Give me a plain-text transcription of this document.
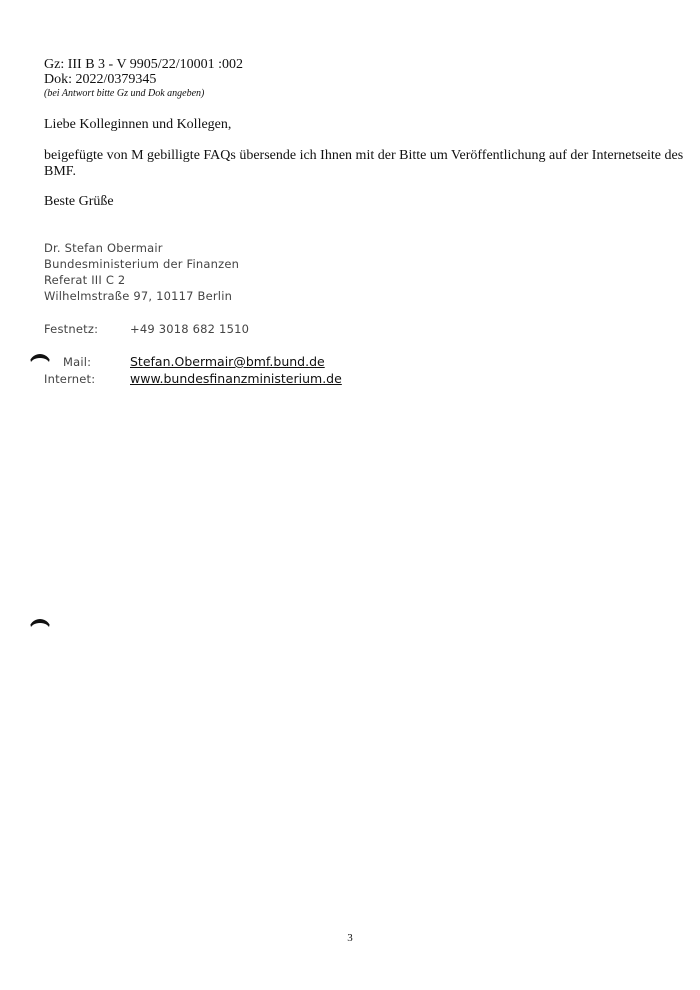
Gz: III B 3 - V 9905/22/10001 :002
Dok: 2022/0379345
(bei Antwort bitte Gz und Dok angeben)
Liebe Kolleginnen und Kollegen,
beigefügte von M gebilligte FAQs übersende ich Ihnen mit der Bitte um Veröffentlichung auf der Internetseite des BMF.
Beste Grüße
Dr. Stefan Obermair
Bundesministerium der Finanzen
Referat III C 2
Wilhelmstraße 97, 10117 Berlin
Festnetz:	+49 3018 682 1510
Mail:	Stefan.Obermair@bmf.bund.de
Internet:	www.bundesfinanzministerium.de
3
